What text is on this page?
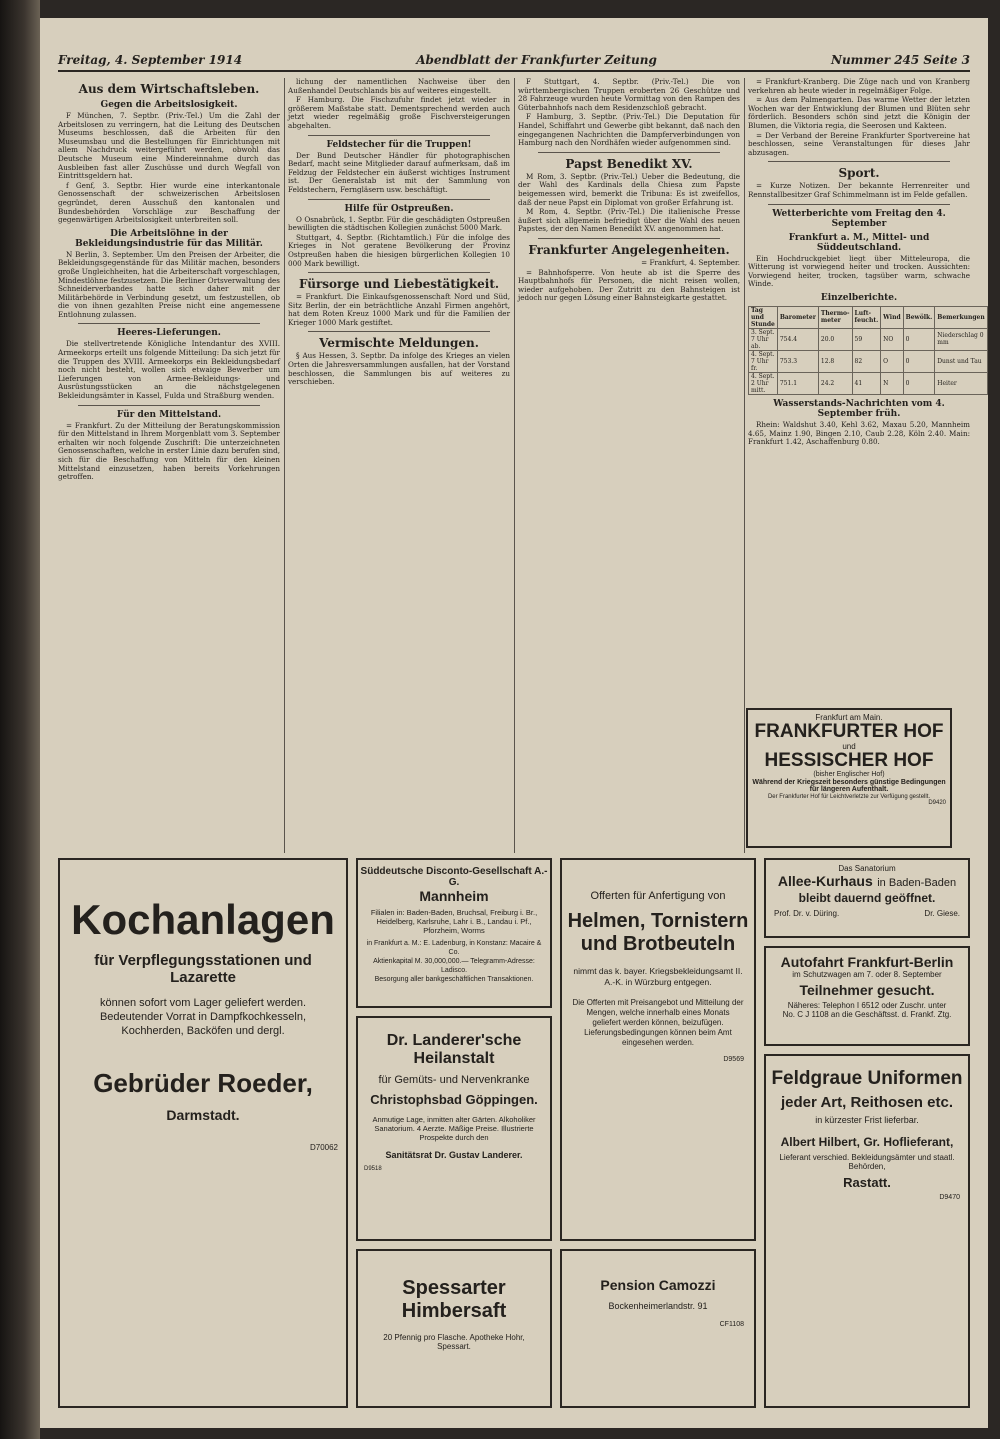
Freitag, 4. September 1914	Abendblatt der Frankfurter Zeitung	Nummer 245 Seite 3
Aus dem Wirtschaftsleben.
Gegen die Arbeitslosigkeit.

F München, 7. Septbr. (Priv.-Tel.) Um die Zahl der Arbeitslosen zu verringern, hat die Leitung des Deutschen Museums beschlossen, daß die Arbeiten für den Museumsbau und die Bestellungen für Einrichtungen mit allem Nachdruck weitergeführt werden, obwohl das Deutsche Museum eine Mindereinnahme durch das Ausbleiben fast aller Zuschüsse und durch Wegfall von Eintrittsgeldern hat.

f Genf, 3. Septbr. Hier wurde eine interkantonale Genossenschaft der schweizerischen Arbeitslosen gegründet, deren Ausschuß den kantonalen und Bundesbehörden Vorschläge zur Beschaffung der gegenwärtigen Arbeitslosigkeit unterbreiten soll.

Die Arbeitslöhne in der Bekleidungsindustrie für das Militär.

N Berlin, 3. September. Um den Preisen der Arbeiter, die Bekleidungsgegenstände für das Militär machen, besonders große Ungleichheiten, hat die Arbeiterschaft vorgeschlagen, Mindestlöhne festzusetzen. Die Berliner Ortsverwaltung des Schneiderverbandes hatte sich daher mit der Militärbehörde in Verbindung gesetzt, um festzustellen, ob die von ihnen gezahlten Preise nicht eine angemessene Entlohnung zulassen.

Heeres-Lieferungen.

Die stellvertretende Königliche Intendantur des XVIII. Armeekorps erteilt uns folgende Mitteilung: Da sich jetzt für die Truppen des XVIII. Armeekorps ein Bekleidungsbedarf noch nicht besteht, wollen sich etwaige Bewerber um Lieferungen von Armee-Bekleidungs- und Ausrüstungsstücken an die nächstgelegenen Bekleidungsämter in Kassel, Fulda und Straßburg wenden.

Für den Mittelstand.

= Frankfurt. Zu der Mitteilung der Beratungskommission für den Mittelstand in Ihrem Morgenblatt vom 3. September erhalten wir noch folgende Zuschrift: Die unterzeichneten Genossenschaften, welche in erster Linie dazu berufen sind, sich für die Beschaffung von Mitteln für den kleinen Mittelstand einzusetzen, haben bereits Vorkehrungen getroffen.

lichung der namentlichen Nachweise über den Außenhandel Deutschlands bis auf weiteres eingestellt.

F Hamburg. Die Fischzufuhr findet jetzt wieder in größerem Maßstabe statt. Dementsprechend werden auch jetzt wieder regelmäßig große Fischversteigerungen abgehalten.

Feldstecher für die Truppen!

Der Bund Deutscher Händler für photographischen Bedarf, macht seine Mitglieder darauf aufmerksam, daß im Feldzug der Feldstecher ein äußerst wichtiges Instrument ist. Der Generalstab ist mit der Sammlung von Feldstechern, Ferngläsern usw. beschäftigt.

Hilfe für Ostpreußen.

O Osnabrück, 1. Septbr. Für die geschädigten Ostpreußen bewilligten die städtischen Kollegien zunächst 5000 Mark.

Stuttgart, 4. Septbr. (Richtamtlich.) Für die infolge des Krieges in Not geratene Bevölkerung der Provinz Ostpreußen haben die hiesigen bürgerlichen Kollegien 10 000 Mark bewilligt.

Fürsorge und Liebestätigkeit.

= Frankfurt. Die Einkaufsgenossenschaft Nord und Süd, Sitz Berlin, der ein beträchtliche Anzahl Firmen angehört, hat dem Roten Kreuz 1000 Mark und für die Familien der Krieger 1000 Mark gestiftet.

Vermischte Meldungen.

§ Aus Hessen, 3. Septbr. Da infolge des Krieges an vielen Orten die Jahresversammlungen ausfallen, hat der Vorstand beschlossen, die Sammlungen bis auf weiteres zu verschieben.

F Stuttgart, 4. Septbr. (Priv.-Tel.) Die von württembergischen Truppen eroberten 26 Geschütze und 28 Fahrzeuge wurden heute Vormittag von den Rampen des Güterbahnhofs nach dem Residenzschloß gebracht.

F Hamburg, 3. Septbr. (Priv.-Tel.) Die Deputation für Handel, Schiffahrt und Gewerbe gibt bekannt, daß nach den eingegangenen Nachrichten die Dampferverbindungen von Hamburg nach den Nordhäfen wieder aufgenommen sind.

Papst Benedikt XV.

M Rom, 3. Septbr. (Priv.-Tel.) Ueber die Bedeutung, die der Wahl des Kardinals della Chiesa zum Papste beigemessen wird, bemerkt die Tribuna: Es ist zweifellos, daß der neue Papst ein Diplomat von großer Erfahrung ist.

M Rom, 4. Septbr. (Priv.-Tel.) Die italienische Presse äußert sich allgemein befriedigt über die Wahl des neuen Papstes, der den Namen Benedikt XV. angenommen hat.

Frankfurter Angelegenheiten.

= Frankfurt, 4. September.

= Bahnhofsperre. Von heute ab ist die Sperre des Hauptbahnhofs für Personen, die nicht reisen wollen, wieder aufgehoben. Der Zutritt zu den Bahnsteigen ist jedoch nur gegen Lösung einer Bahnsteigkarte gestattet.

= Frankfurt-Kranberg. Die Züge nach und von Kranberg verkehren ab heute wieder in regelmäßiger Folge.

= Aus dem Palmengarten. Das warme Wetter der letzten Wochen war der Entwicklung der Blumen und Blüten sehr förderlich. Besonders schön sind jetzt die Königin der Blumen, die Viktoria regia, die Seerosen und Kakteen.

= Der Verband der Bereine Frankfurter Sportvereine hat beschlossen, seine Veranstaltungen für dieses Jahr abzusagen.

Sport.

= Kurze Notizen. Der bekannte Herrenreiter und Rennstallbesitzer Graf Schimmelmann ist im Felde gefallen.

Wetterberichte vom Freitag den 4. September
Frankfurt a. M., Mittel- und Süddeutschland.

Ein Hochdruckgebiet liegt über Mitteleuropa, die Witterung ist vorwiegend heiter und trocken. Aussichten: Vorwiegend heiter, trocken, tagsüber warm, schwache Winde.

Einzelberichte.
Tag und Stunde	Barometer	Thermo-meter	Luft-feucht.	Wind	Bewölk.	Bemerkungen
3. Sept. 7 Uhr ab.	754.4	20.0	59	NO	0	Niederschlag 0 mm
4. Sept. 7 Uhr fr.	753.3	12.8	82	O	0	Dunst und Tau
4. Sept. 2 Uhr mitt.	751.1	24.2	41	N	0	Heiter
Wasserstands-Nachrichten vom 4. September früh.

Rhein: Waldshut 3.40, Kehl 3.62, Maxau 5.20, Mannheim 4.65, Mainz 1.90, Bingen 2.10, Caub 2.28, Köln 2.40. Main: Frankfurt 1.42, Aschaffenburg 0.80.

Frankfurt am Main.
FRANKFURTER HOF
und
HESSISCHER HOF
(bisher Englischer Hof)
Während der Kriegszeit besonders günstige Bedingungen für längeren Aufenthalt.
Der Frankfurter Hof für Leichtverletzte zur Verfügung gestellt.
D9420
Kochanlagen
für Verpflegungsstationen und Lazarette
können sofort vom Lager geliefert werden. Bedeutender Vorrat in Dampfkochkesseln, Kochherden, Backöfen und dergl.
Gebrüder Roeder,
Darmstadt.
D70062
Süddeutsche Disconto-Gesellschaft A.-G.
Mannheim
Filialen in: Baden-Baden, Bruchsal, Freiburg i. Br., Heidelberg, Karlsruhe, Lahr i. B., Landau i. Pf., Pforzheim, Worms
in Frankfurt a. M.: E. Ladenburg, in Konstanz: Macaire & Co.
Aktienkapital M. 30,000,000.— Telegramm-Adresse: Ladisco.
Besorgung aller bankgeschäftlichen Transaktionen.
Dr. Landerer'sche Heilanstalt
für Gemüts- und Nervenkranke
Christophsbad Göppingen.
Anmutige Lage, inmitten alter Gärten. Alkoholiker Sanatorium. 4 Aerzte. Mäßige Preise. Illustrierte Prospekte durch den
Sanitätsrat Dr. Gustav Landerer.
D9518
Offerten für Anfertigung von
Helmen, Tornistern
und Brotbeuteln
nimmt das k. bayer. Kriegsbekleidungsamt II. A.-K. in Würzburg entgegen.
Die Offerten mit Preisangebot und Mitteilung der Mengen, welche innerhalb eines Monats geliefert werden können, beizufügen. Lieferungsbedingungen können beim Amt eingesehen werden.
D9569
Spessarter
Himbersaft
20 Pfennig pro Flasche. Apotheke Hohr, Spessart.
Pension Camozzi
Bockenheimerlandstr. 91
CF1108
Das Sanatorium
Allee-Kurhaus in Baden-Baden
bleibt dauernd geöffnet.
Prof. Dr. v. Düring.	Dr. Giese.
Autofahrt Frankfurt-Berlin
im Schutzwagen am 7. oder 8. September
Teilnehmer gesucht.
Näheres: Telephon I 6512 oder Zuschr. unter
No. C J 1108 an die Geschäftsst. d. Frankf. Ztg.
Feldgraue Uniformen
jeder Art, Reithosen etc.
in kürzester Frist lieferbar.
Albert Hilbert, Gr. Hoflieferant,
Lieferant verschied. Bekleidungsämter und staatl. Behörden,
Rastatt.
D9470
